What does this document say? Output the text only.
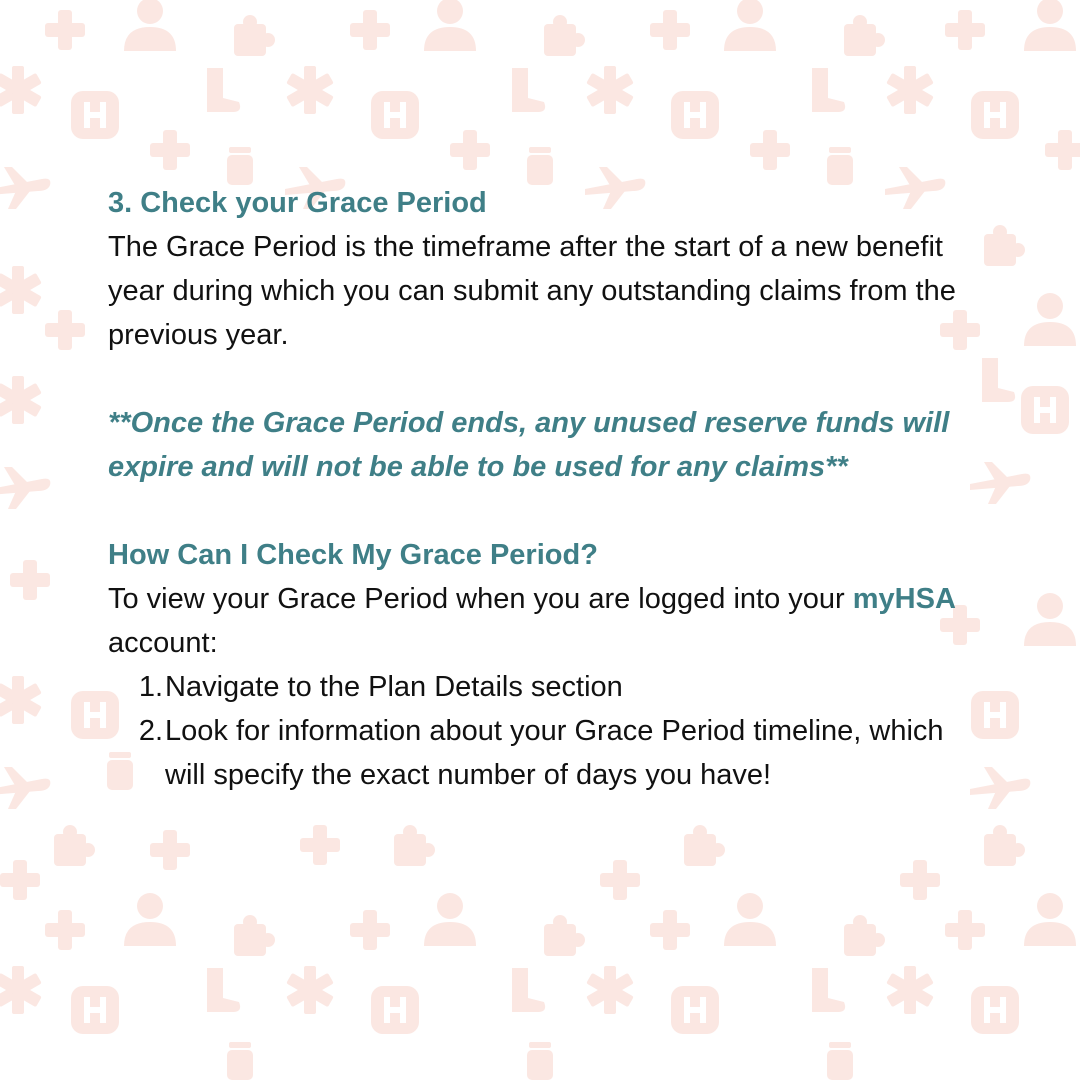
3. Check your Grace Period

The Grace Period is the timeframe after the start of a new benefit year during which you can submit any outstanding claims from the previous year.

**Once the Grace Period ends, any unused reserve funds will expire and will not be able to be used for any claims**

How Can I Check My Grace Period?

To view your Grace Period when you are logged into your myHSA account:

1. Navigate to the Plan Details section
2. Look for information about your Grace Period timeline, which will specify the exact number of days you have!
